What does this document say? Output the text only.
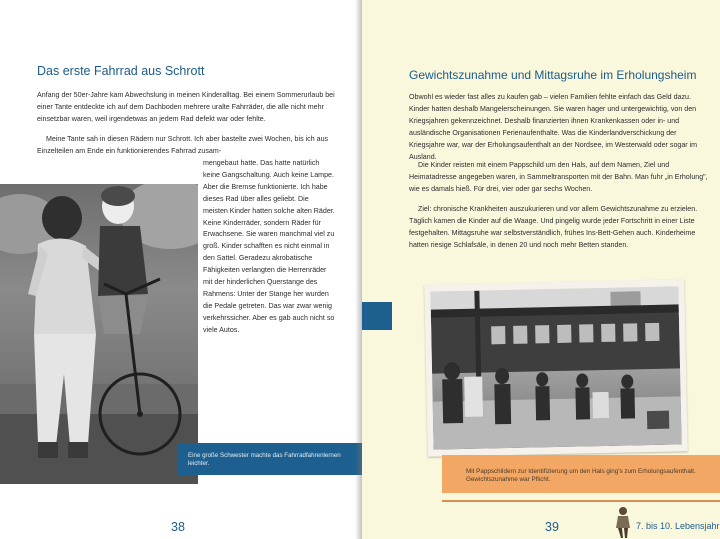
Das erste Fahrrad aus Schrott
Anfang der 50er-Jahre kam Abwechslung in meinen Kinderalltag. Bei einem Sommerurlaub bei einer Tante entdeckte ich auf dem Dachboden mehrere uralte Fahrräder, die alle nicht mehr einsetzbar waren, weil irgendetwas an jedem Rad defekt war oder fehlte.
Meine Tante sah in diesen Rädern nur Schrott. Ich aber bastelte zwei Wochen, bis ich aus Einzelteilen am Ende ein funktionierendes Fahrrad zusam-
mengebaut hatte. Das hatte natürlich keine Gangschaltung. Auch keine Lampe. Aber die Bremse funktionierte. Ich habe dieses Rad über alles geliebt. Die meisten Kinder hatten solche alten Räder. Keine Kinderräder, sondern Räder für Erwachsene. Sie waren manchmal viel zu groß. Kinder schafften es nicht einmal in den Sattel. Geradezu akrobatische Fähigkeiten verlangten die Herrenräder mit der hinderlichen Querstange des Rahmens: Unter der Stange her wurden die Pedale getreten. Das war zwar wenig verkehrssicher. Aber es gab auch nicht so viele Autos.
Eine große Schwester machte das Fahrradfahrenlernen leichter.
38
Gewichtszunahme und Mittagsruhe im Erholungsheim
Obwohl es wieder fast alles zu kaufen gab – vielen Familien fehlte einfach das Geld dazu. Kinder hatten deshalb Mangelerscheinungen. Sie waren hager und untergewichtig, von den Kriegsjahren gekennzeichnet. Deshalb finanzierten ihnen Krankenkassen oder in- und ausländische Organisationen Ferienaufenthalte. Was die Kinderlandverschickung der Kriegsjahre war, war der Erholungsaufenthalt an der Nordsee, im Westerwald oder sogar im Ausland.
Die Kinder reisten mit einem Pappschild um den Hals, auf dem Namen, Ziel und Heimatadresse angegeben waren, in Sammeltransporten mit der Bahn. Man fuhr „in Erholung", wie es damals hieß. Für drei, vier oder gar sechs Wochen.
Ziel: chronische Krankheiten auszukurieren und vor allem Gewichtszunahme zu erzielen. Täglich kamen die Kinder auf die Waage. Und pingelig wurde jeder Fortschritt in einer Liste festgehalten. Mittagsruhe war selbstverständlich, frühes Ins-Bett-Gehen auch. Kinderheime hatten riesige Schlafsäle, in denen 20 und noch mehr Betten standen.
Mit Pappschildern zur Identifizierung um den Hals ging's zum Erholungsaufenthalt. Gewichtszunahme war Pflicht.
39	7. bis 10. Lebensjahr
